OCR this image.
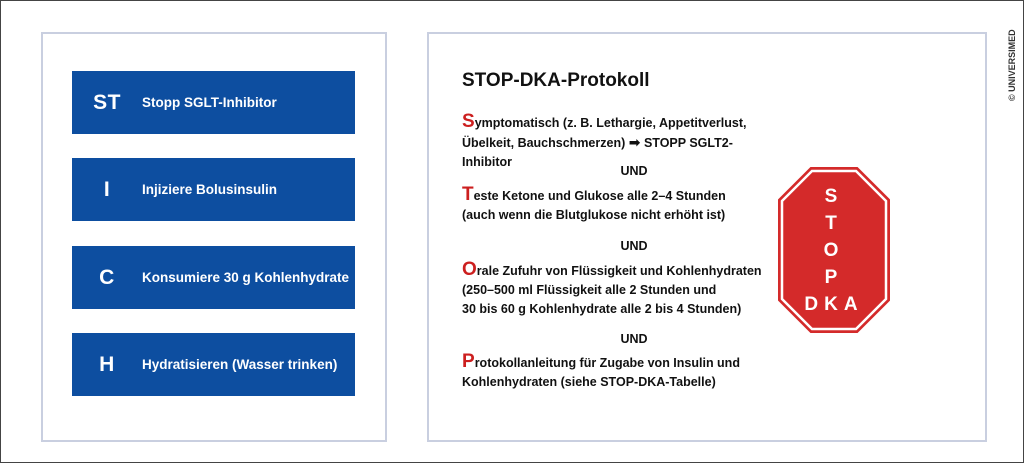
ST	Stopp SGLT-Inhibitor
I	Injiziere Bolusinsulin
C	Konsumiere 30 g Kohlenhydrate
H	Hydratisieren (Wasser trinken)
STOP-DKA-Protokoll
Symptomatisch (z. B. Lethargie, Appetitverlust,
Übelkeit, Bauchschmerzen) ➡ STOPP SGLT2-Inhibitor
UND
Teste Ketone und Glukose alle 2–4 Stunden
(auch wenn die Blutglukose nicht erhöht ist)
UND
Orale Zufuhr von Flüssigkeit und Kohlenhydraten
(250–500 ml Flüssigkeit alle 2 Stunden und
30 bis 60 g Kohlenhydrate alle 2 bis 4 Stunden)
UND
Protokollanleitung für Zugabe von Insulin und
Kohlenhydraten (siehe STOP-DKA-Tabelle)
S
T
O
P
DKA
© UNIVERSIMED
